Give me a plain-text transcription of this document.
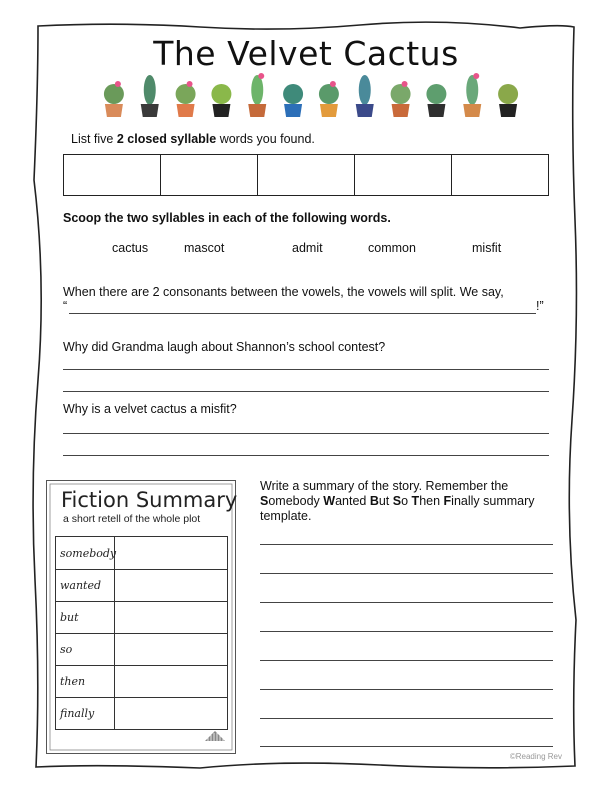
The Velvet Cactus
List five 2 closed syllable words you found.
Scoop the two syllables in each of the following words.
cactus	mascot	admit	common	misfit
When there are 2 consonants between the vowels, the vowels will split. We say,
“	!”
Why did Grandma laugh about Shannon’s school contest?
Why is a velvet cactus a misfit?
Fiction Summary
a short retell of the whole plot
somebody
wanted
but
so
then
finally
Write a summary of the story. Remember the
Somebody Wanted But So Then Finally summary
template.
©Reading Rev
